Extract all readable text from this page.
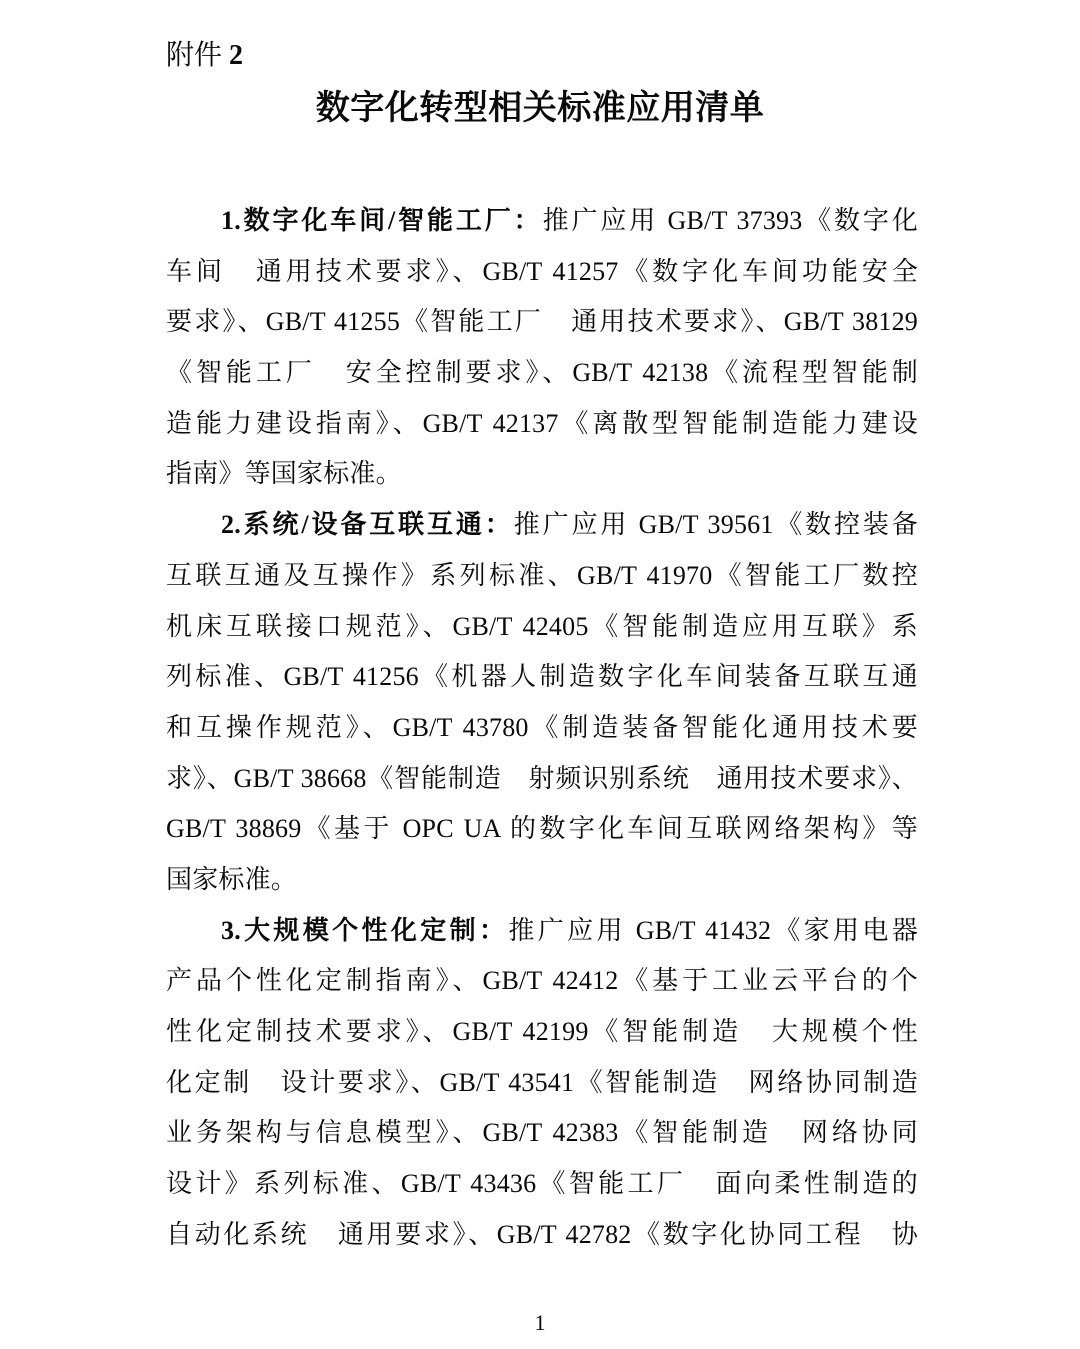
附件 2
数字化转型相关标准应用清单
1.数字化车间/智能工厂：推广应用 GB/T 37393《数字化
车间　通用技术要求》、GB/T 41257《数字化车间功能安全
要求》、GB/T 41255《智能工厂　通用技术要求》、GB/T 38129
《智能工厂　安全控制要求》、GB/T 42138《流程型智能制
造能力建设指南》、GB/T 42137《离散型智能制造能力建设
指南》等国家标准。
2.系统/设备互联互通：推广应用 GB/T 39561《数控装备
互联互通及互操作》系列标准、GB/T 41970《智能工厂数控
机床互联接口规范》、GB/T 42405《智能制造应用互联》系
列标准、GB/T 41256《机器人制造数字化车间装备互联互通
和互操作规范》、GB/T 43780《制造装备智能化通用技术要
求》、GB/T 38668《智能制造　射频识别系统　通用技术要求》、
GB/T 38869《基于 OPC UA 的数字化车间互联网络架构》等
国家标准。
3.大规模个性化定制：推广应用 GB/T 41432《家用电器
产品个性化定制指南》、GB/T 42412《基于工业云平台的个
性化定制技术要求》、GB/T 42199《智能制造　大规模个性
化定制　设计要求》、GB/T 43541《智能制造　网络协同制造
业务架构与信息模型》、GB/T 42383《智能制造　网络协同
设计》系列标准、GB/T 43436《智能工厂　面向柔性制造的
自动化系统　通用要求》、GB/T 42782《数字化协同工程　协
1
